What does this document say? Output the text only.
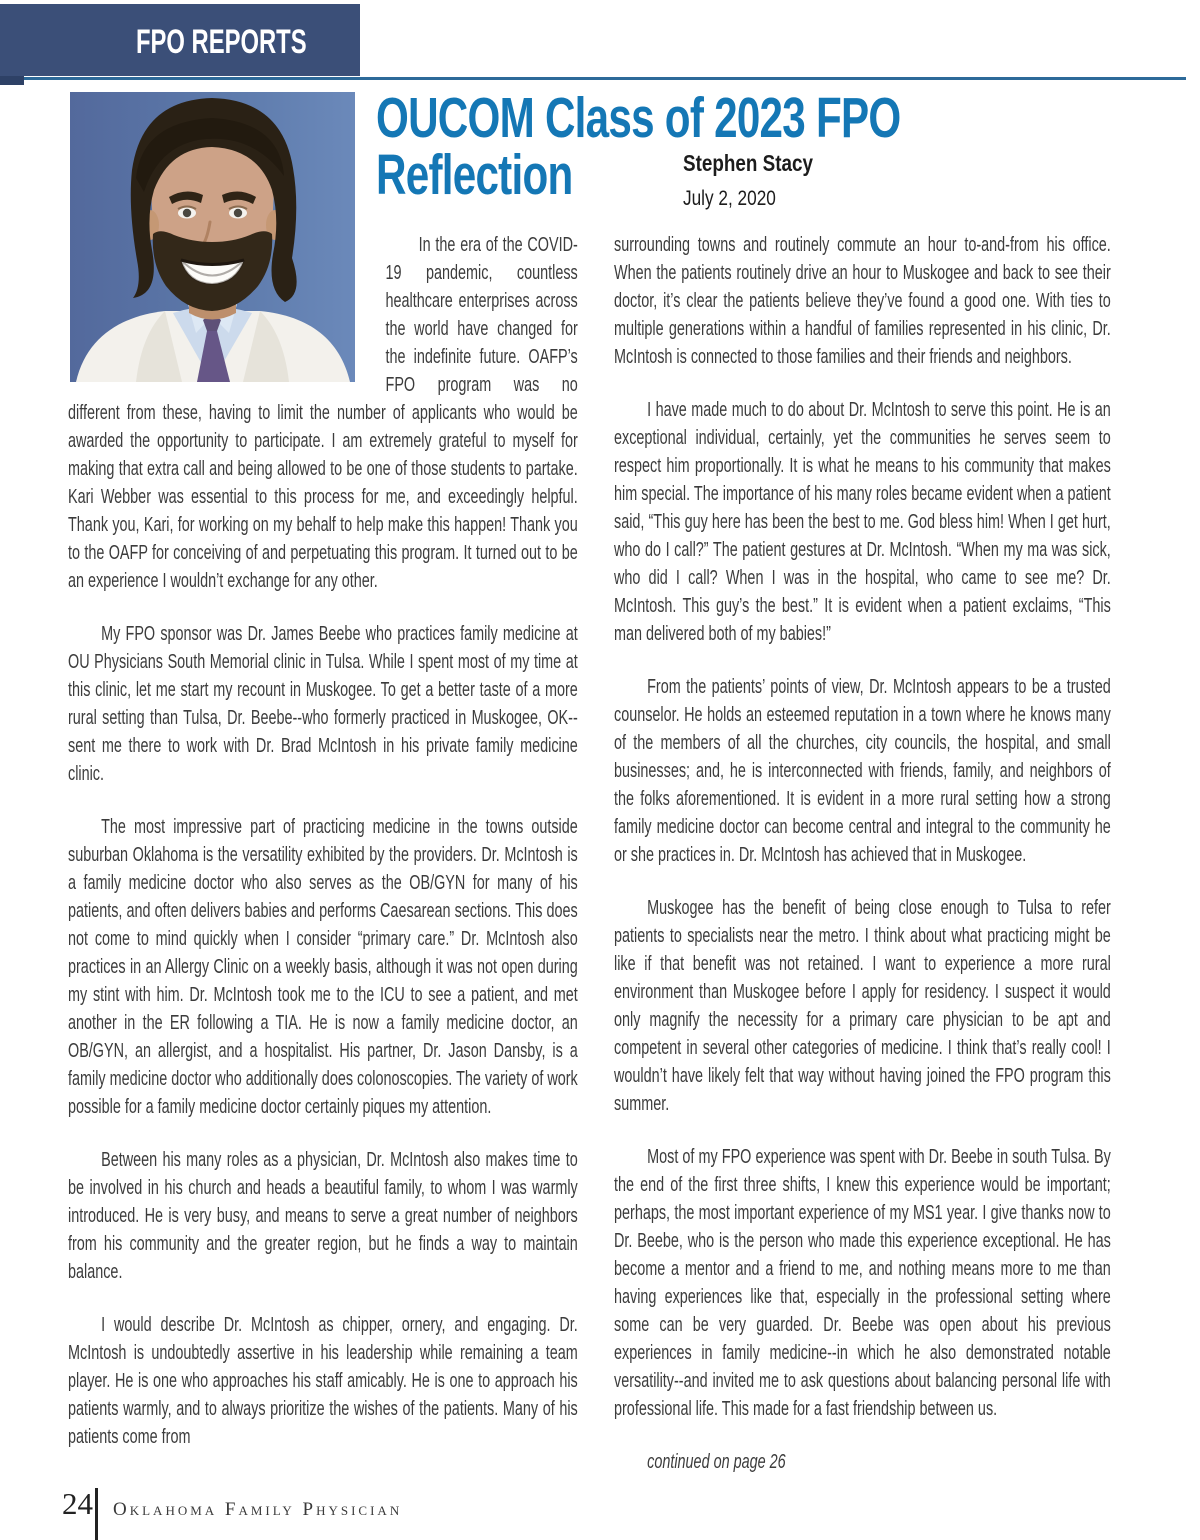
FPO REPORTS
OUCOM Class of 2023 FPO
Reflection	Stephen Stacy

July 2, 2020

In the era of the COVID-19 pandemic, countless healthcare enterprises across the world have changed for the indefinite future. OAFP’s FPO program was no different from these, having to limit the number of applicants who would be awarded the opportunity to participate. I am extremely grateful to myself for making that extra call and being allowed to be one of those students to partake. Kari Webber was essential to this process for me, and exceedingly helpful. Thank you, Kari, for working on my behalf to help make this happen! Thank you to the OAFP for conceiving of and perpetuating this program. It turned out to be an experience I wouldn’t exchange for any other.

My FPO sponsor was Dr. James Beebe who practices family medicine at OU Physicians South Memorial clinic in Tulsa. While I spent most of my time at this clinic, let me start my recount in Muskogee. To get a better taste of a more rural setting than Tulsa, Dr. Beebe--who formerly practiced in Muskogee, OK--sent me there to work with Dr. Brad McIntosh in his private family medicine clinic.

The most impressive part of practicing medicine in the towns outside suburban Oklahoma is the versatility exhibited by the providers. Dr. McIntosh is a family medicine doctor who also serves as the OB/GYN for many of his patients, and often delivers babies and performs Caesarean sections. This does not come to mind quickly when I consider “primary care.” Dr. McIntosh also practices in an Allergy Clinic on a weekly basis, although it was not open during my stint with him. Dr. McIntosh took me to the ICU to see a patient, and met another in the ER following a TIA. He is now a family medicine doctor, an OB/GYN, an allergist, and a hospitalist. His partner, Dr. Jason Dansby, is a family medicine doctor who additionally does colonoscopies. The variety of work possible for a family medicine doctor certainly piques my attention.

Between his many roles as a physician, Dr. McIntosh also makes time to be involved in his church and heads a beautiful family, to whom I was warmly introduced. He is very busy, and means to serve a great number of neighbors from his community and the greater region, but he finds a way to maintain balance.

I would describe Dr. McIntosh as chipper, ornery, and engaging. Dr. McIntosh is undoubtedly assertive in his leadership while remaining a team player. He is one who approaches his staff amicably. He is one to approach his patients warmly, and to always prioritize the wishes of the patients. Many of his patients come from

surrounding towns and routinely commute an hour to-and-from his office. When the patients routinely drive an hour to Muskogee and back to see their doctor, it’s clear the patients believe they’ve found a good one. With ties to multiple generations within a handful of families represented in his clinic, Dr. McIntosh is connected to those families and their friends and neighbors.

I have made much to do about Dr. McIntosh to serve this point. He is an exceptional individual, certainly, yet the communities he serves seem to respect him proportionally. It is what he means to his community that makes him special. The importance of his many roles became evident when a patient said, “This guy here has been the best to me. God bless him! When I get hurt, who do I call?” The patient gestures at Dr. McIntosh. “When my ma was sick, who did I call? When I was in the hospital, who came to see me? Dr. McIntosh. This guy’s the best.” It is evident when a patient exclaims, “This man delivered both of my babies!”

From the patients’ points of view, Dr. McIntosh appears to be a trusted counselor. He holds an esteemed reputation in a town where he knows many of the members of all the churches, city councils, the hospital, and small businesses; and, he is interconnected with friends, family, and neighbors of the folks aforementioned. It is evident in a more rural setting how a strong family medicine doctor can become central and integral to the community he or she practices in. Dr. McIntosh has achieved that in Muskogee.

Muskogee has the benefit of being close enough to Tulsa to refer patients to specialists near the metro. I think about what practicing might be like if that benefit was not retained. I want to experience a more rural environment than Muskogee before I apply for residency. I suspect it would only magnify the necessity for a primary care physician to be apt and competent in several other categories of medicine. I think that’s really cool! I wouldn’t have likely felt that way without having joined the FPO program this summer.

Most of my FPO experience was spent with Dr. Beebe in south Tulsa. By the end of the first three shifts, I knew this experience would be important; perhaps, the most important experience of my MS1 year. I give thanks now to Dr. Beebe, who is the person who made this experience exceptional. He has become a mentor and a friend to me, and nothing means more to me than having experiences like that, especially in the professional setting where some can be very guarded. Dr. Beebe was open about his previous experiences in family medicine--in which he also demonstrated notable versatility--and invited me to ask questions about balancing personal life with professional life. This made for a fast friendship between us.

continued on page 26

24 Oklahoma Family Physician
